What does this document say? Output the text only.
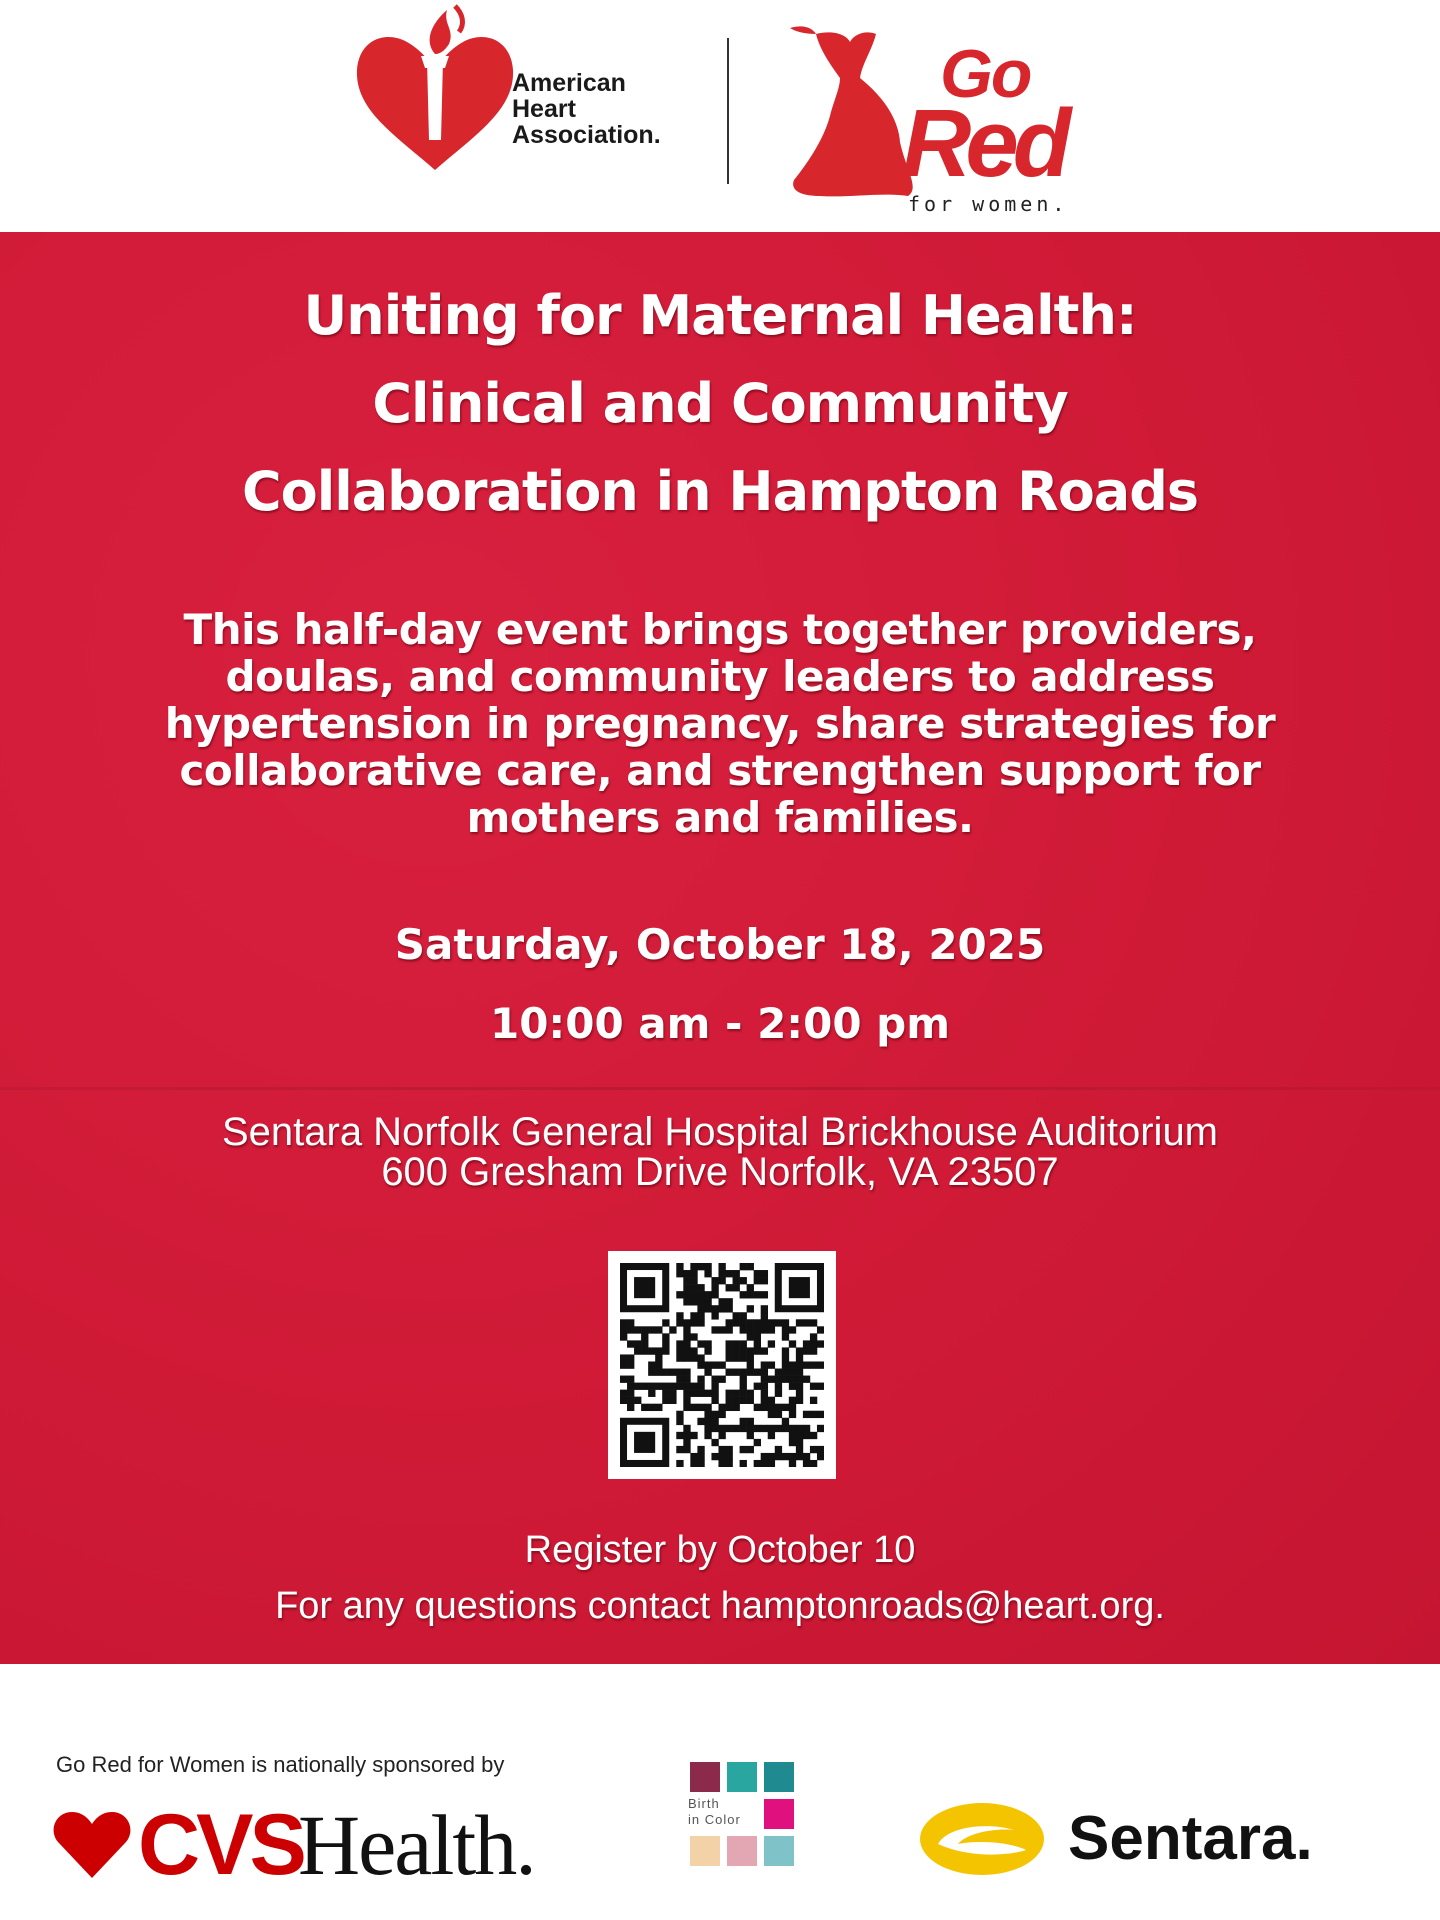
American
Heart
Association.
Go
Red
for women.
Uniting for Maternal Health:
Clinical and Community
Collaboration in Hampton Roads
This half-day event brings together providers,
doulas, and community leaders to address
hypertension in pregnancy, share strategies for
collaborative care, and strengthen support for
mothers and families.
Saturday, October 18, 2025
10:00 am - 2:00 pm
Sentara Norfolk General Hospital Brickhouse Auditorium
600 Gresham Drive Norfolk, VA 23507
Register by October 10
For any questions contact hamptonroads@heart.org.
Go Red for Women is nationally sponsored by
CVS
Health.	Birth
in Color	Sentara.
